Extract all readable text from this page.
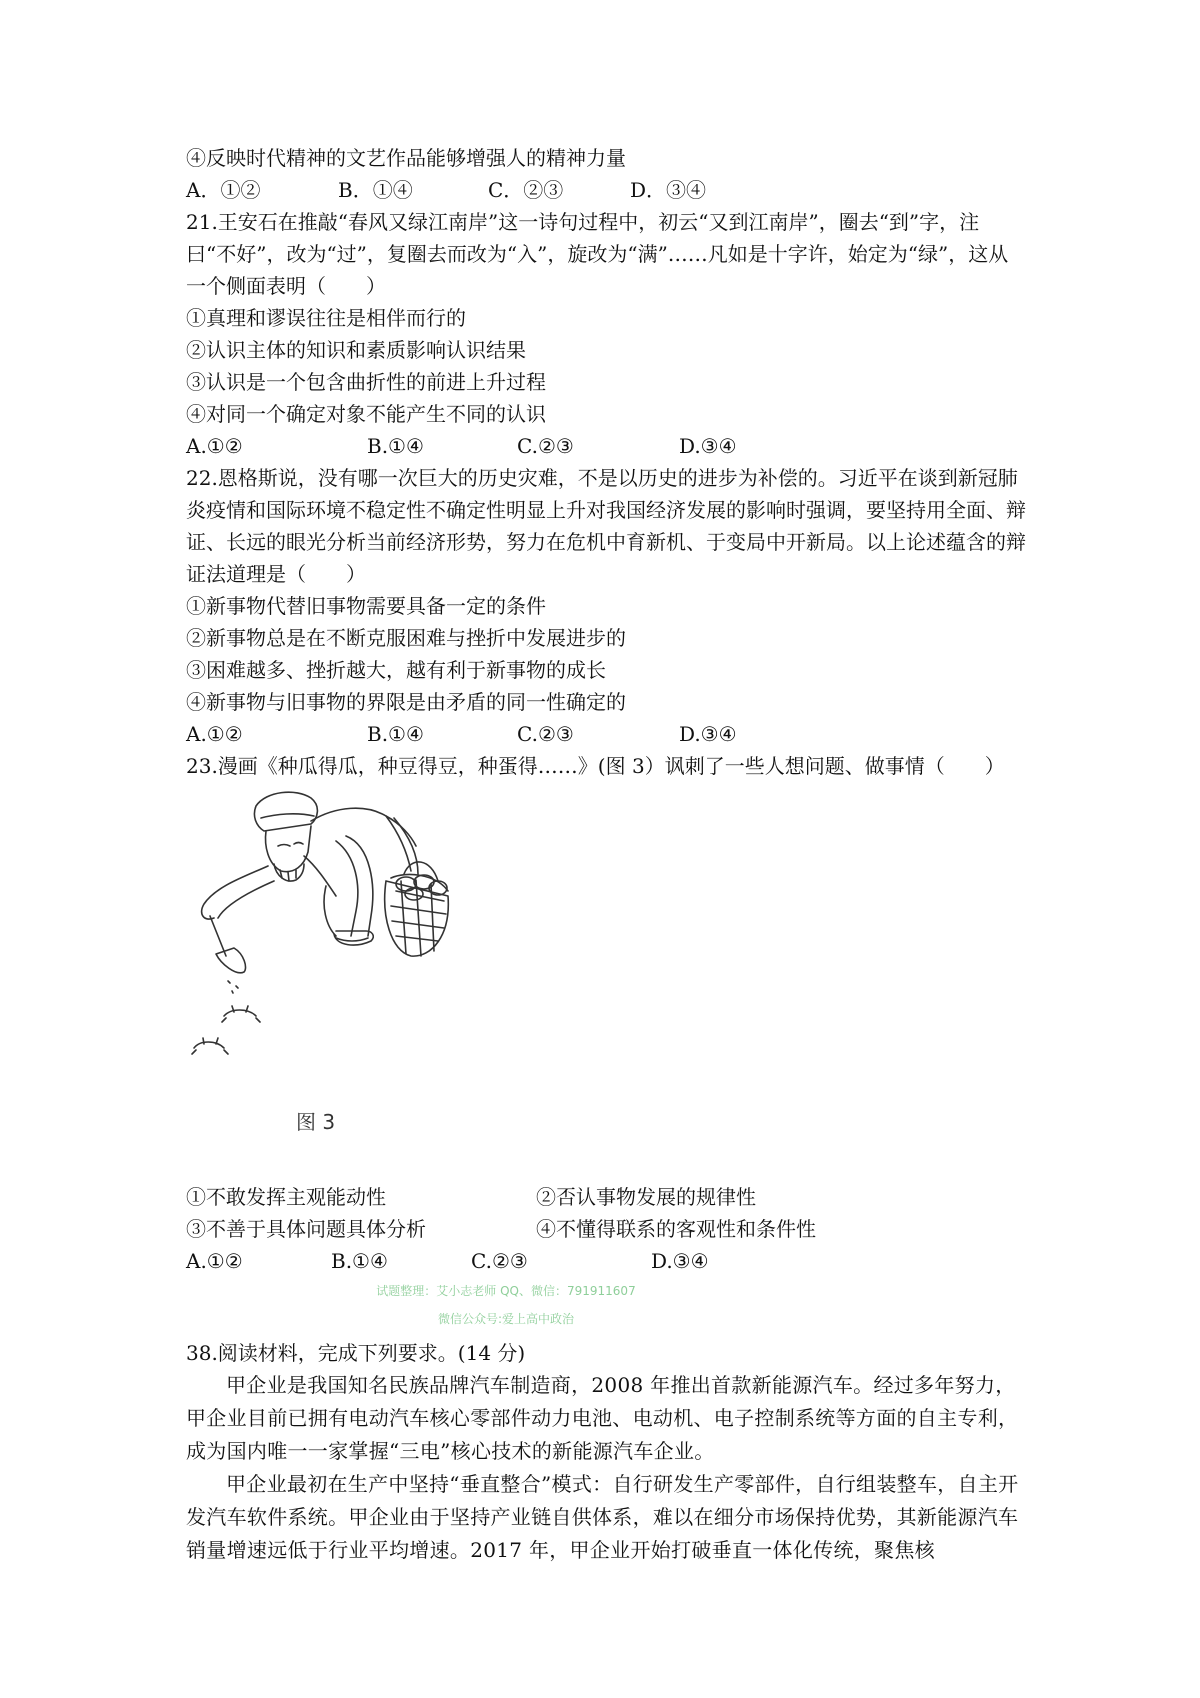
④反映时代精神的文艺作品能够增强人的精神力量
A．①②	B．①④	C．②③	D．③④
21.王安石在推敲“春风又绿江南岸”这一诗句过程中，初云“又到江南岸”，圈去“到”字，注曰“不好”，改为“过”，复圈去而改为“入”，旋改为“满”……凡如是十字许，始定为“绿”，这从一个侧面表明（　　）
①真理和谬误往往是相伴而行的
②认识主体的知识和素质影响认识结果
③认识是一个包含曲折性的前进上升过程
④对同一个确定对象不能产生不同的认识
A.①②	B.①④	C.②③	D.③④
22.恩格斯说，没有哪一次巨大的历史灾难，不是以历史的进步为补偿的。习近平在谈到新冠肺炎疫情和国际环境不稳定性不确定性明显上升对我国经济发展的影响时强调，要坚持用全面、辩证、长远的眼光分析当前经济形势，努力在危机中育新机、于变局中开新局。以上论述蕴含的辩证法道理是（　　）
①新事物代替旧事物需要具备一定的条件
②新事物总是在不断克服困难与挫折中发展进步的
③困难越多、挫折越大，越有利于新事物的成长
④新事物与旧事物的界限是由矛盾的同一性确定的
A.①②	B.①④	C.②③	D.③④
23.漫画《种瓜得瓜，种豆得豆，种蛋得……》(图 3）讽刺了一些人想问题、做事情（　　）
图 3
①不敢发挥主观能动性	②否认事物发展的规律性
③不善于具体问题具体分析	④不懂得联系的客观性和条件性
A.①②	B.①④	C.②③	D.③④
试题整理：艾小志老师 QQ、微信：791911607
微信公众号:爱上高中政治
38.阅读材料，完成下列要求。(14 分)
甲企业是我国知名民族品牌汽车制造商，2008 年推出首款新能源汽车。经过多年努力，甲企业目前已拥有电动汽车核心零部件动力电池、电动机、电子控制系统等方面的自主专利，成为国内唯一一家掌握“三电”核心技术的新能源汽车企业。
甲企业最初在生产中坚持“垂直整合”模式：自行研发生产零部件，自行组装整车，自主开发汽车软件系统。甲企业由于坚持产业链自供体系，难以在细分市场保持优势，其新能源汽车销量增速远低于行业平均增速。2017 年，甲企业开始打破垂直一体化传统，聚焦核
